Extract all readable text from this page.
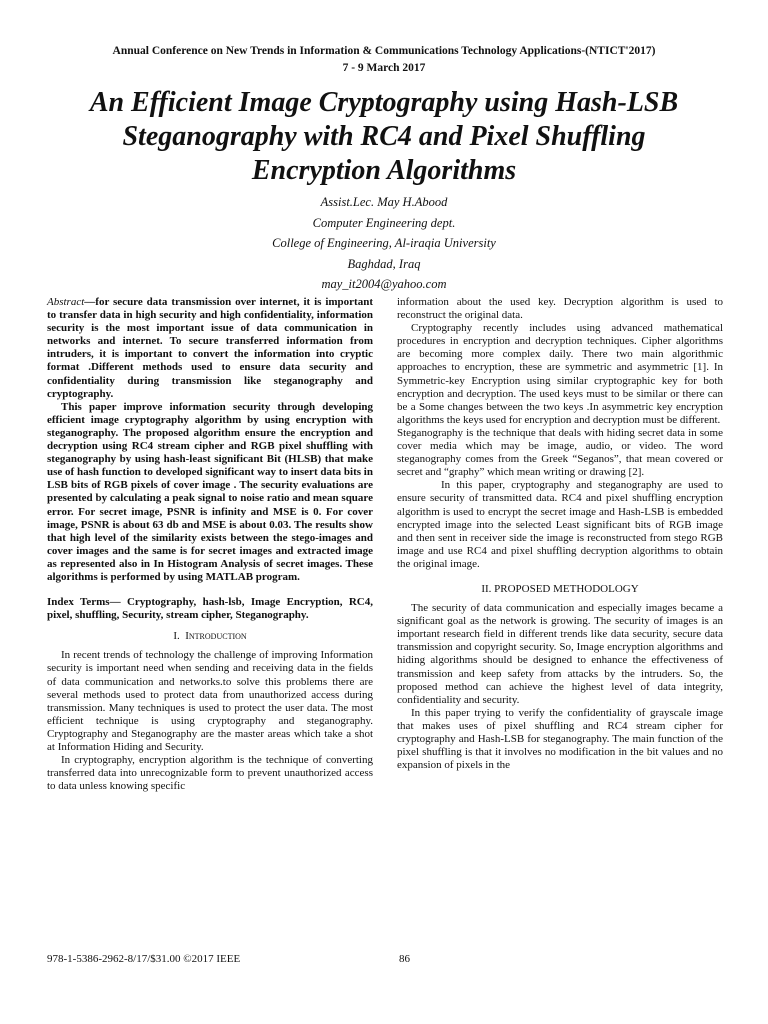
Annual Conference on New Trends in Information & Communications Technology Applications-(NTICT'2017)
7 - 9 March 2017
An Efficient Image Cryptography using Hash-LSB
Steganography with RC4 and Pixel Shuffling
Encryption Algorithms
Assist.Lec. May H.Abood
Computer Engineering dept.
College of Engineering, Al-iraqia University
Baghdad, Iraq
may_it2004@yahoo.com

Abstract—for secure data transmission over internet, it is important to transfer data in high security and high confidentiality, information security is the most important issue of data communication in networks and internet. To secure transferred information from intruders, it is important to convert the information into cryptic format .Different methods used to ensure data security and confidentiality during transmission like steganography and cryptography.

This paper improve information security through developing efficient image cryptography algorithm by using encryption with steganography. The proposed algorithm ensure the encryption and decryption using RC4 stream cipher and RGB pixel shuffling with steganography by using hash-least significant Bit (HLSB) that make use of hash function to developed significant way to insert data bits in LSB bits of RGB pixels of cover image . The security evaluations are presented by calculating a peak signal to noise ratio and mean square error. For secret image, PSNR is infinity and MSE is 0. For cover image, PSNR is about 63 db and MSE is about 0.03. The results show that high level of the similarity exists between the stego-images and cover images and the same is for secret images and extracted image as represented also in In Histogram Analysis of secret images. These algorithms is performed by using MATLAB program.

Index Terms— Cryptography, hash-lsb, Image Encryption, RC4, pixel, shuffling, Security, stream cipher, Steganography.

I. Introduction

In recent trends of technology the challenge of improving Information security is important need when sending and receiving data in the fields of data communication and networks.to solve this problems there are several methods used to protect data from unauthorized access during transmission. Many techniques is used to protect the user data. The most efficient technique is using cryptography and steganography. Cryptography and Steganography are the master areas which take a shot at Information Hiding and Security.

In cryptography, encryption algorithm is the technique of converting transferred data into unrecognizable form to prevent unauthorized access to data unless knowing specific

information about the used key. Decryption algorithm is used to reconstruct the original data.

Cryptography recently includes using advanced mathematical procedures in encryption and decryption techniques. Cipher algorithms are becoming more complex daily. There two main algorithmic approaches to encryption, these are symmetric and asymmetric [1]. In Symmetric-key Encryption using similar cryptographic key for both encryption and decryption. The used keys must to be similar or there can be a Some changes between the two keys .In asymmetric key encryption algorithms the keys used for encryption and decryption must be different.

Steganography is the technique that deals with hiding secret data in some cover media which may be image, audio, or video. The word steganography comes from the Greek “Seganos”, that mean covered or secret and “graphy” which mean writing or drawing [2].

In this paper, cryptography and steganography are used to ensure security of transmitted data. RC4 and pixel shuffling encryption algorithm is used to encrypt the secret image and Hash-LSB is embedded encrypted image into the selected Least significant bits of RGB image and then sent in receiver side the image is reconstructed from stego RGB image and use RC4 and pixel shuffling decryption algorithms to obtain the original image.

II. PROPOSED METHODOLOGY

The security of data communication and especially images became a significant goal as the network is growing. The security of images is an important research field in different trends like data security, secure data transmission and copyright security. So, Image encryption algorithms and hiding algorithms should be designed to enhance the effectiveness of transmission and keep safety from attacks by the intruders. So, the proposed method can achieve the highest level of data integrity, confidentiality and security.

In this paper trying to verify the confidentiality of grayscale image that makes uses of pixel shuffling and RC4 stream cipher for cryptography and Hash-LSB for steganography. The main function of the pixel shuffling is that it involves no modification in the bit values and no expansion of pixels in the

978-1-5386-2962-8/17/$31.00 ©2017 IEEE	86
